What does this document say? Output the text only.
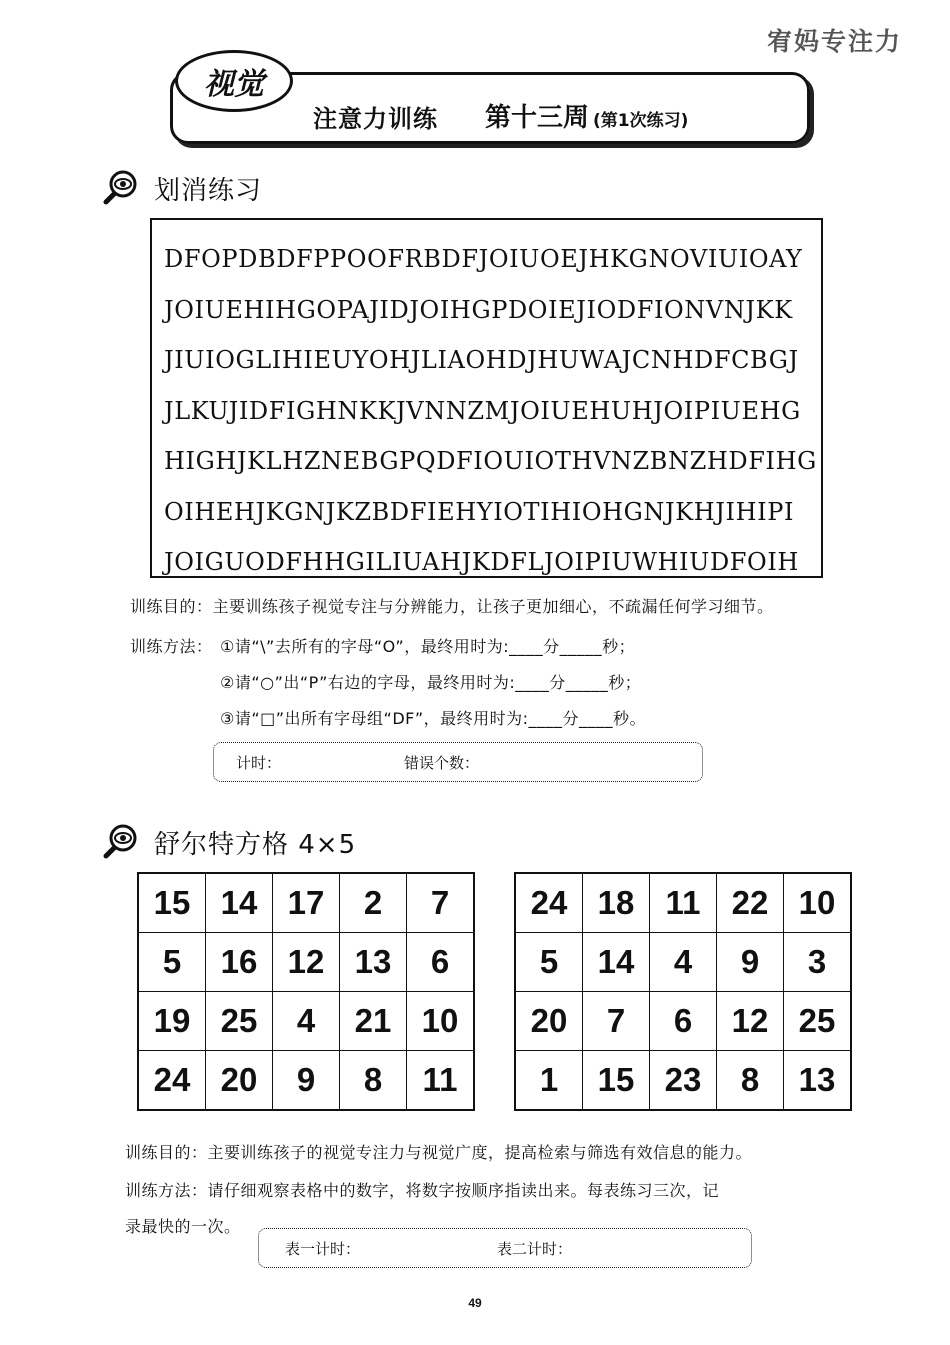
宥妈专注力
注意力训练 第十三周 (第1次练习)
视觉
划消练习
DFOPDBDFPPOOFRBDFJOIUOEJHKGNOVIUIOAY
JOIUEHIHGOPAJIDJOIHGPDOIEJIODFIONVNJKK
JIUIOGLIHIEUYOHJLIAOHDJHUWAJCNHDFCBGJ
JLKUJIDFIGHNKKJVNNZMJOIUEHUHJOIPIUEHG
HIGHJKLHZNEBGPQDFIOUIOTHVNZBNZHDFIHG
OIHEHJKGNJKZBDFIEHYIOTIHIOHGNJKHJIHIPI
JOIGUODFHHGILIUAHJKDFLJOIPIUWHIUDFOIH
训练目的：主要训练孩子视觉专注与分辨能力，让孩子更加细心，不疏漏任何学习细节。
训练方法： ①请“\”去所有的字母“O”，最终用时为:____分_____秒；
②请“○”出“P”右边的字母，最终用时为:____分_____秒；
③请“□”出所有字母组“DF”，最终用时为:____分____秒。
计时：	错误个数：
舒尔特方格 4×5
15	14	17	2	7
5	16	12	13	6
19	25	4	21	10
24	20	9	8	11
24	18	11	22	10
5	14	4	9	3
20	7	6	12	25
1	15	23	8	13
训练目的：主要训练孩子的视觉专注力与视觉广度，提高检索与筛选有效信息的能力。
训练方法：请仔细观察表格中的数字，将数字按顺序指读出来。每表练习三次，记
录最快的一次。
表一计时：	表二计时：
49
